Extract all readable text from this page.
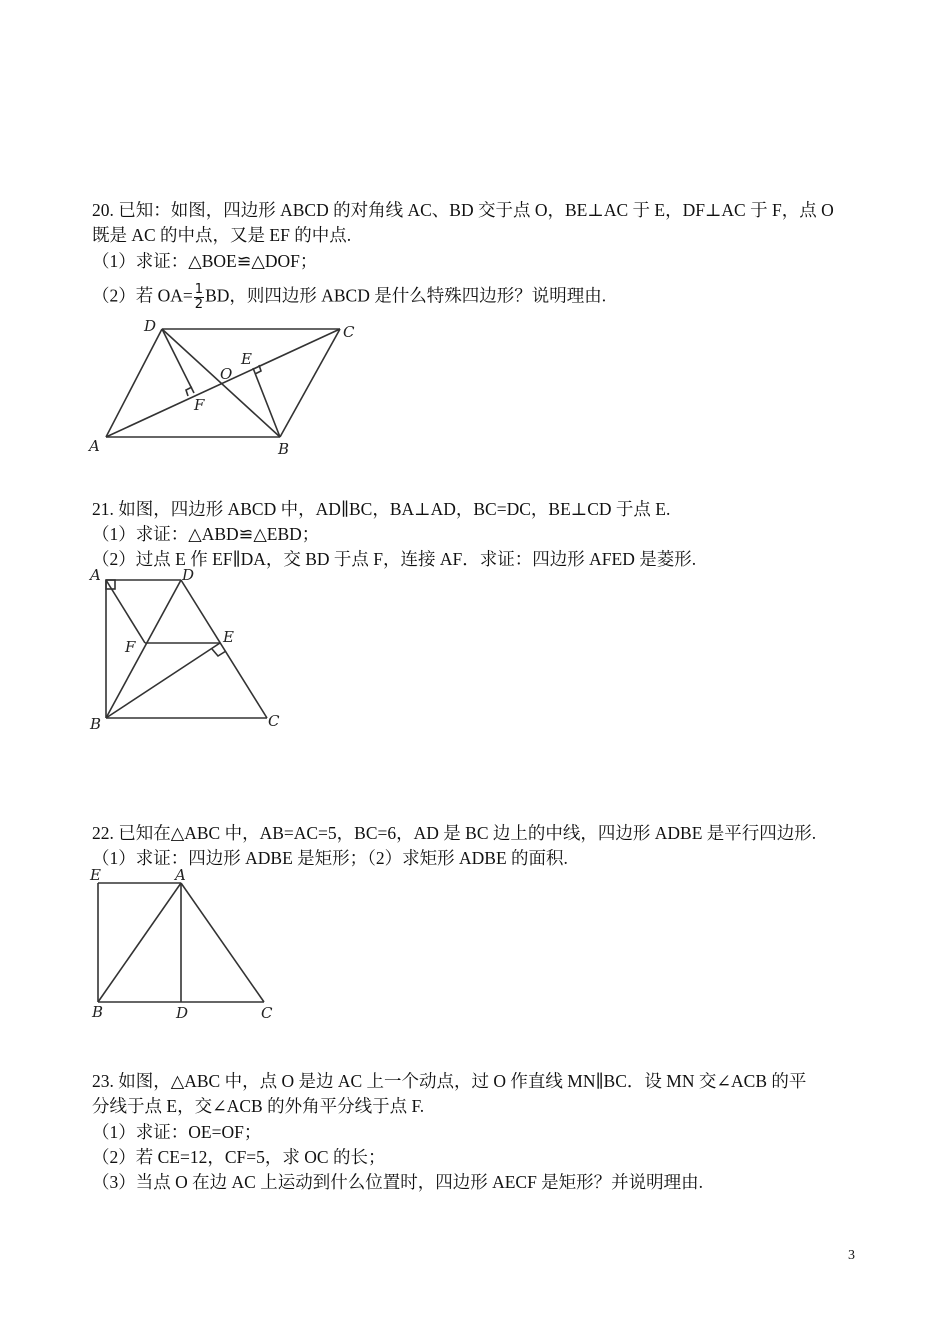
20. 已知：如图，四边形 ABCD 的对角线 AC、BD 交于点 O，BE⊥AC 于 E，DF⊥AC 于 F，点 O
既是 AC 的中点，又是 EF 的中点.
（1）求证：△BOE≌△DOF；
（2）若 $OA= \frac{1}{2}$ BD，则四边形 ABCD 是什么特殊四边形？说明理由.
D	C
A	B
E
O
F
21. 如图，四边形 ABCD 中，AD∥BC，BA⊥AD，BC=DC，BE⊥CD 于点 E.
（1）求证：△ABD≌△EBD；
（2）过点 E 作 EF∥DA，交 BD 于点 F，连接 AF．求证：四边形 AFED 是菱形.
A	D
E
F
B	C
22. 已知在△ABC 中，AB=AC=5，BC=6，AD 是 BC 边上的中线，四边形 ADBE 是平行四边形.
（1）求证：四边形 ADBE 是矩形；（2）求矩形 ADBE 的面积.
E	A
B	D	C
23. 如图，△ABC 中，点 O 是边 AC 上一个动点，过 O 作直线 MN∥BC．设 MN 交∠ACB 的平
分线于点 E，交∠ACB 的外角平分线于点 F.
（1）求证：OE=OF；
（2）若 CE=12，CF=5，求 OC 的长；
（3）当点 O 在边 AC 上运动到什么位置时，四边形 AECF 是矩形？并说明理由.
3
